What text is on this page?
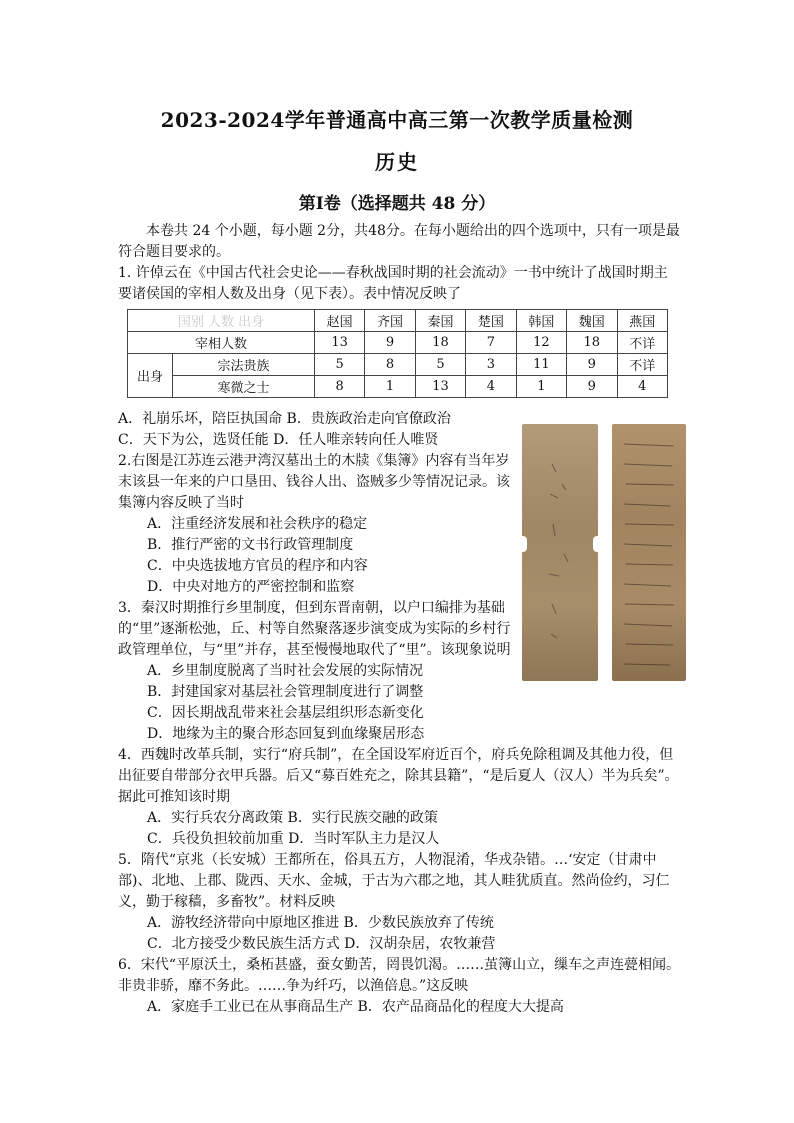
2023-2024学年普通高中高三第一次教学质量检测
历史
第Ⅰ卷（选择题共 48 分）
本卷共 24 个小题，每小题 2分，共48分。在每小题给出的四个选项中，只有一项是最
符合题目要求的。
1. 许倬云在《中国古代社会史论——春秋战国时期的社会流动》一书中统计了战国时期主
要诸侯国的宰相人数及出身（见下表）。表中情况反映了
国别 人数 出身		赵国	齐国	秦国	楚国	韩国	魏国	燕国
宰相人数		13	9	18	7	12	18	不详
出身	宗法贵族	5	8	5	3	11	9	不详
	寒微之士	8	1	13	4	1	9	4
A．礼崩乐坏，陪臣执国命 B．贵族政治走向官僚政治
C．天下为公，选贤任能 D．任人唯亲转向任人唯贤
2.右图是江苏连云港尹湾汉墓出土的木牍《集簿》内容有当年岁
末该县一年来的户口垦田、钱谷人出、盗贼多少等情况记录。该
集簿内容反映了当时
A．注重经济发展和社会秩序的稳定
B．推行严密的文书行政管理制度
C．中央选拔地方官员的程序和内容
D．中央对地方的严密控制和监察
3．秦汉时期推行乡里制度，但到东晋南朝，以户口编排为基础
的“里”逐渐松弛，丘、村等自然聚落逐步演变成为实际的乡村行
政管理单位，与“里”并存，甚至慢慢地取代了“里”。该现象说明
A．乡里制度脱离了当时社会发展的实际情况
B．封建国家对基层社会管理制度进行了调整
C．因长期战乱带来社会基层组织形态新变化
D．地缘为主的聚合形态回复到血缘聚居形态
4．西魏时改革兵制，实行“府兵制”，在全国设军府近百个，府兵免除租调及其他力役，但
出征要自带部分衣甲兵器。后又“募百姓充之，除其县籍”，“是后夏人（汉人）半为兵矣”。
据此可推知该时期
A．实行兵农分离政策 B．实行民族交融的政策
C．兵役负担较前加重 D．当时军队主力是汉人
5．隋代“京兆（长安城）王都所在，俗具五方，人物混淆，华戎杂错。…‘安定（甘肃中
部)、北地、上郡、陇西、天水、金城，于古为六郡之地，其人畦犹质直。然尚俭约，习仁
义，勤于稼穑，多畜牧”。材料反映
A．游牧经济带向中原地区推进 B．少数民族放弃了传统
C．北方接受少数民族生活方式 D．汉胡杂居，农牧兼营
6．宋代“平原沃土，桑柘甚盛，蚕女勤苦，罔畏饥渴。……茧簿山立，缫车之声连甍相闻。
非贵非骄，靡不务此。……争为纤巧，以渔倍息。”这反映
A．家庭手工业已在从事商品生产 B．农产品商品化的程度大大提高
